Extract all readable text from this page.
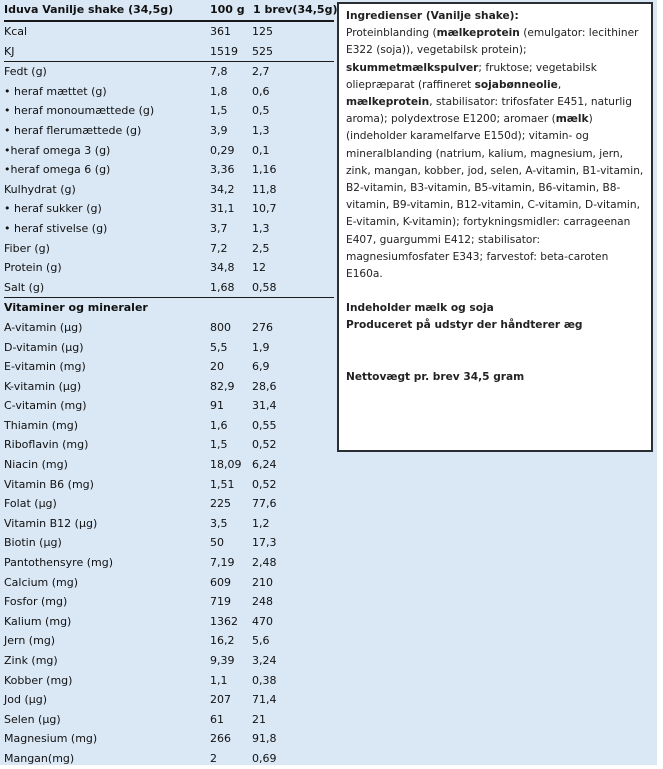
Iduva Vanilje shake (34,5g)	100 g 1 brev(34,5g)
Kcal	361 125
KJ	1519 525
Fedt (g)	7,8 2,7
• heraf mættet (g)	1,8 0,6
• heraf monoumættede (g)	1,5 0,5
• heraf flerumættede (g)	3,9 1,3
•heraf omega 3 (g)	0,29 0,1
•heraf omega 6 (g)	3,36 1,16
Kulhydrat (g)	34,2 11,8
• heraf sukker (g)	31,1 10,7
• heraf stivelse (g)	3,7 1,3
Fiber (g)	7,2 2,5
Protein (g)	34,8 12
Salt (g)	1,68 0,58
Vitaminer og mineraler
A-vitamin (µg)	800 276
D-vitamin (µg)	5,5 1,9
E-vitamin (mg)	20	6,9
K-vitamin (µg)	82,9 28,6
C-vitamin (mg)	91	31,4
Thiamin (mg)	1,6 0,55
Riboflavin (mg)	1,5 0,52
Niacin (mg)	18,09 6,24
Vitamin B6 (mg)	1,51 0,52
Folat (µg)	225 77,6
Vitamin B12 (µg)	3,5 1,2
Biotin (µg)	50	17,3
Pantothensyre (mg)	7,19 2,48
Calcium (mg)	609 210
Fosfor (mg)	719 248
Kalium (mg)	1362 470
Jern (mg)	16,2 5,6
Zink (mg)	9,39 3,24
Kobber (mg)	1,1 0,38
Jod (µg)	207 71,4
Selen (µg)	61	21
Magnesium (mg)	266 91,8
Mangan(mg)	2	0,69
Ingredienser (Vanilje shake):
Proteinblanding (mælkeprotein (emulgator: lecithiner E322 (soja)), vegetabilsk protein); skummetmælkspulver; fruktose; vegetabilsk oliepræparat (raffineret sojabønneolie, mælkeprotein, stabilisator: trifosfater E451, naturlig aroma); polydextrose E1200; aromaer (mælk) (indeholder karamelfarve E150d); vitamin- og mineralblanding (natrium, kalium, magnesium, jern, zink, mangan, kobber, jod, selen, A-vitamin, B1-vitamin, B2-vitamin, B3-vitamin, B5-vitamin, B6-vitamin, B8-vitamin, B9-vitamin, B12-vitamin, C-vitamin, D-vitamin, E-vitamin, K-vitamin); fortykningsmidler: carrageenan E407, guargummi E412; stabilisator: magnesiumfosfater E343; farvestof: beta-caroten E160a.
Indeholder mælk og soja
Produceret på udstyr der håndterer æg
Nettovægt pr. brev 34,5 gram
